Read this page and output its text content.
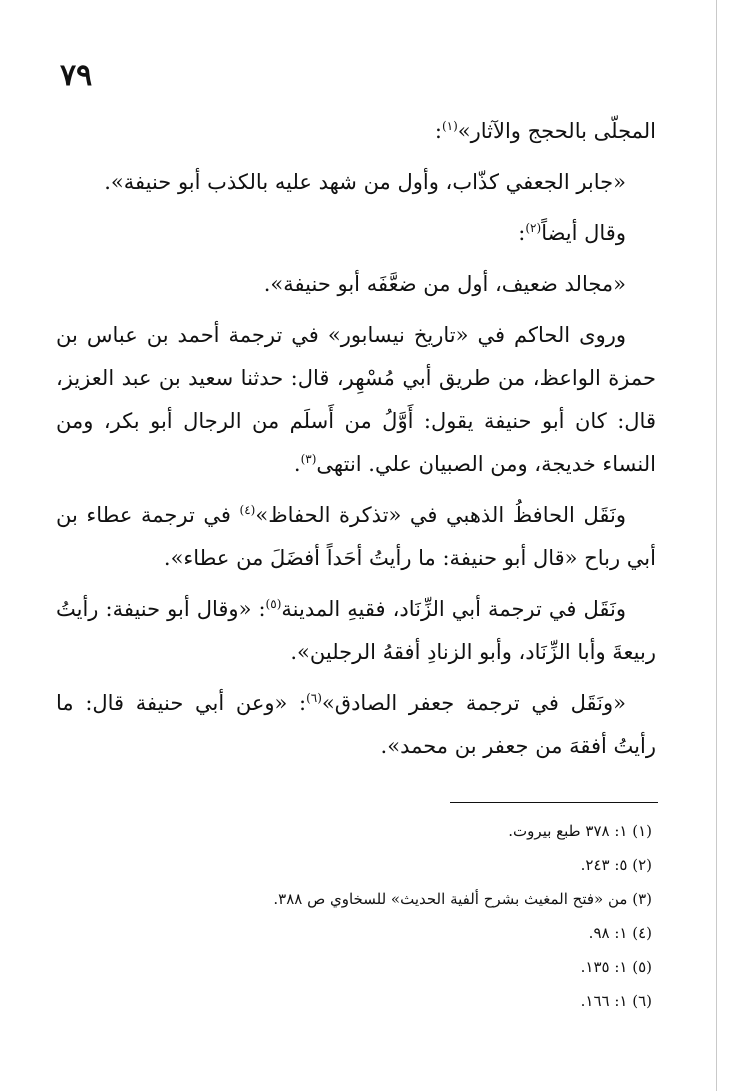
٧٩

المجلّى بالحجج والآثار»$^{(١)}$:

«جابر الجعفي كذّاب، وأول من شهد عليه بالكذب أبو حنيفة».

وقال أيضاً$^{(٢)}$:

«مجالد ضعيف، أول من ضعَّفَه أبو حنيفة».

وروى الحاكم في «تاريخ نيسابور» في ترجمة أحمد بن عباس بن حمزة الواعظ، من طريق أبي مُسْهِر، قال: حدثنا سعيد بن عبد العزيز، قال: كان أبو حنيفة يقول: أَوَّلُ من أَسلَم من الرجال أبو بكر، ومن النساء خديجة، ومن الصبيان علي. انتهى$^{(٣)}$.

ونَقَل الحافظُ الذهبي في «تذكرة الحفاظ»$^{(٤)}$ في ترجمة عطاء بن أبي رباح «قال أبو حنيفة: ما رأيتُ أحَداً أفضَلَ من عطاء».

ونَقَل في ترجمة أبي الزِّنَاد، فقيهِ المدينة$^{(٥)}$: «وقال أبو حنيفة: رأيتُ ربيعةَ وأبا الزِّنَاد، وأبو الزنادِ أفقهُ الرجلين».

«ونَقَل في ترجمة جعفر الصادق»$^{(٦)}$: «وعن أبي حنيفة قال: ما رأيتُ أفقهَ من جعفر بن محمد».

(١) ١: ٣٧٨ طبع بيروت.
(٢) ٥: ٢٤٣.
(٣) من «فتح المغيث بشرح ألفية الحديث» للسخاوي ص ٣٨٨.
(٤) ١: ٩٨.
(٥) ١: ١٣٥.
(٦) ١: ١٦٦.
